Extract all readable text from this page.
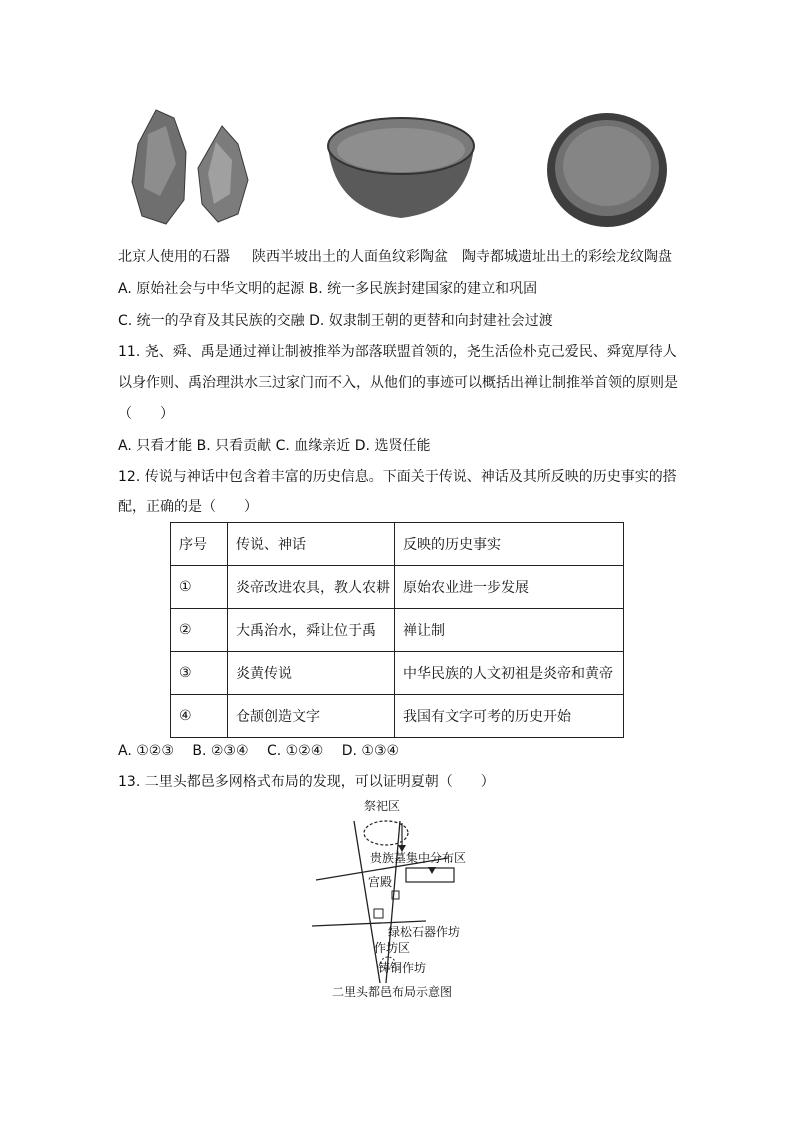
北京人使用的石器 陕西半坡出土的人面鱼纹彩陶盆 陶寺都城遗址出土的彩绘龙纹陶盘
A. 原始社会与中华文明的起源 B. 统一多民族封建国家的建立和巩固
C. 统一的孕育及其民族的交融 D. 奴隶制王朝的更替和向封建社会过渡
11. 尧、舜、禹是通过禅让制被推举为部落联盟首领的，尧生活俭朴克己爱民、舜宽厚待人
以身作则、禹治理洪水三过家门而不入，从他们的事迹可以概括出禅让制推举首领的原则是
（　　）
A. 只看才能 B. 只看贡献 C. 血缘亲近 D. 选贤任能
12. 传说与神话中包含着丰富的历史信息。下面关于传说、神话及其所反映的历史事实的搭
配，正确的是（　　）
序号	传说、神话	反映的历史事实
①	炎帝改进农具，教人农耕	原始农业进一步发展
②	大禹治水，舜让位于禹	禅让制
③	炎黄传说	中华民族的人文初祖是炎帝和黄帝
④	仓颉创造文字	我国有文字可考的历史开始
A. ①②③　 B. ②③④　 C. ①②④　 D. ①③④
13. 二里头都邑多网格式布局的发现，可以证明夏朝（　　）
祭祀区
贵族墓集中分布区
宫殿
绿松石器作坊
作坊区
铸铜作坊
二里头都邑布局示意图
